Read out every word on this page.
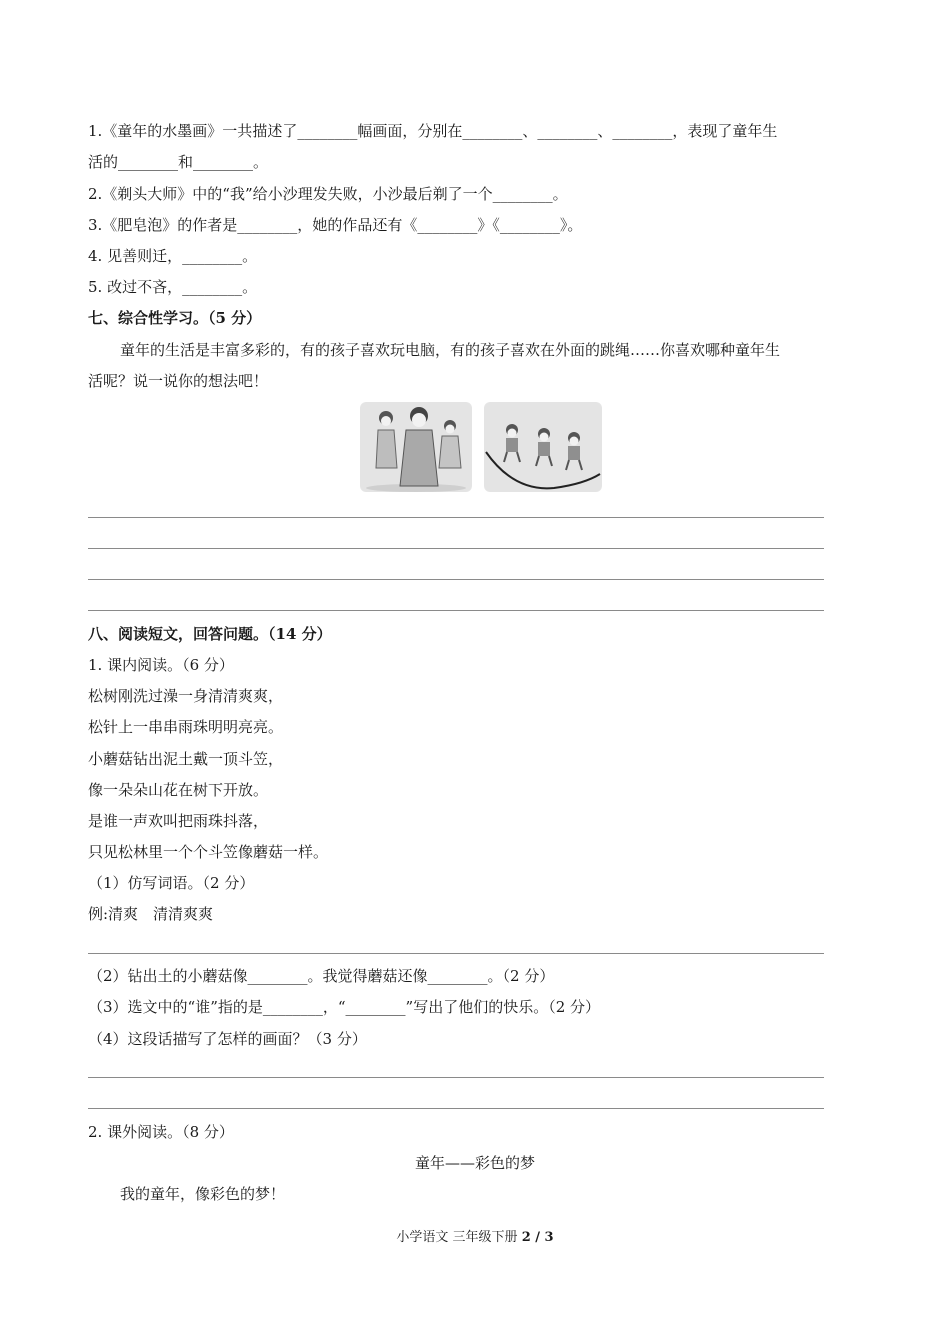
1.《童年的水墨画》一共描述了________幅画面，分别在________、________、________，表现了童年生
活的________和________。
2.《剃头大师》中的“我”给小沙理发失败，小沙最后剃了一个________。
3.《肥皂泡》的作者是________，她的作品还有《________》《________》。
4. 见善则迁，________。
5. 改过不吝，________。
七、综合性学习。（5 分）
童年的生活是丰富多彩的，有的孩子喜欢玩电脑，有的孩子喜欢在外面的跳绳……你喜欢哪种童年生
活呢？说一说你的想法吧！
八、阅读短文，回答问题。（14 分）
1. 课内阅读。（6 分）
松树刚洗过澡一身清清爽爽，
松针上一串串雨珠明明亮亮。
小蘑菇钻出泥土戴一顶斗笠，
像一朵朵山花在树下开放。
是谁一声欢叫把雨珠抖落，
只见松林里一个个斗笠像蘑菇一样。
（1）仿写词语。（2 分）
例:清爽　清清爽爽
（2）钻出土的小蘑菇像________。我觉得蘑菇还像________。（2 分）
（3）选文中的“谁”指的是________，“________”写出了他们的快乐。（2 分）
（4）这段话描写了怎样的画面？（3 分）
2. 课外阅读。（8 分）
童年——彩色的梦
我的童年，像彩色的梦！
小学语文 三年级下册 2 / 3
